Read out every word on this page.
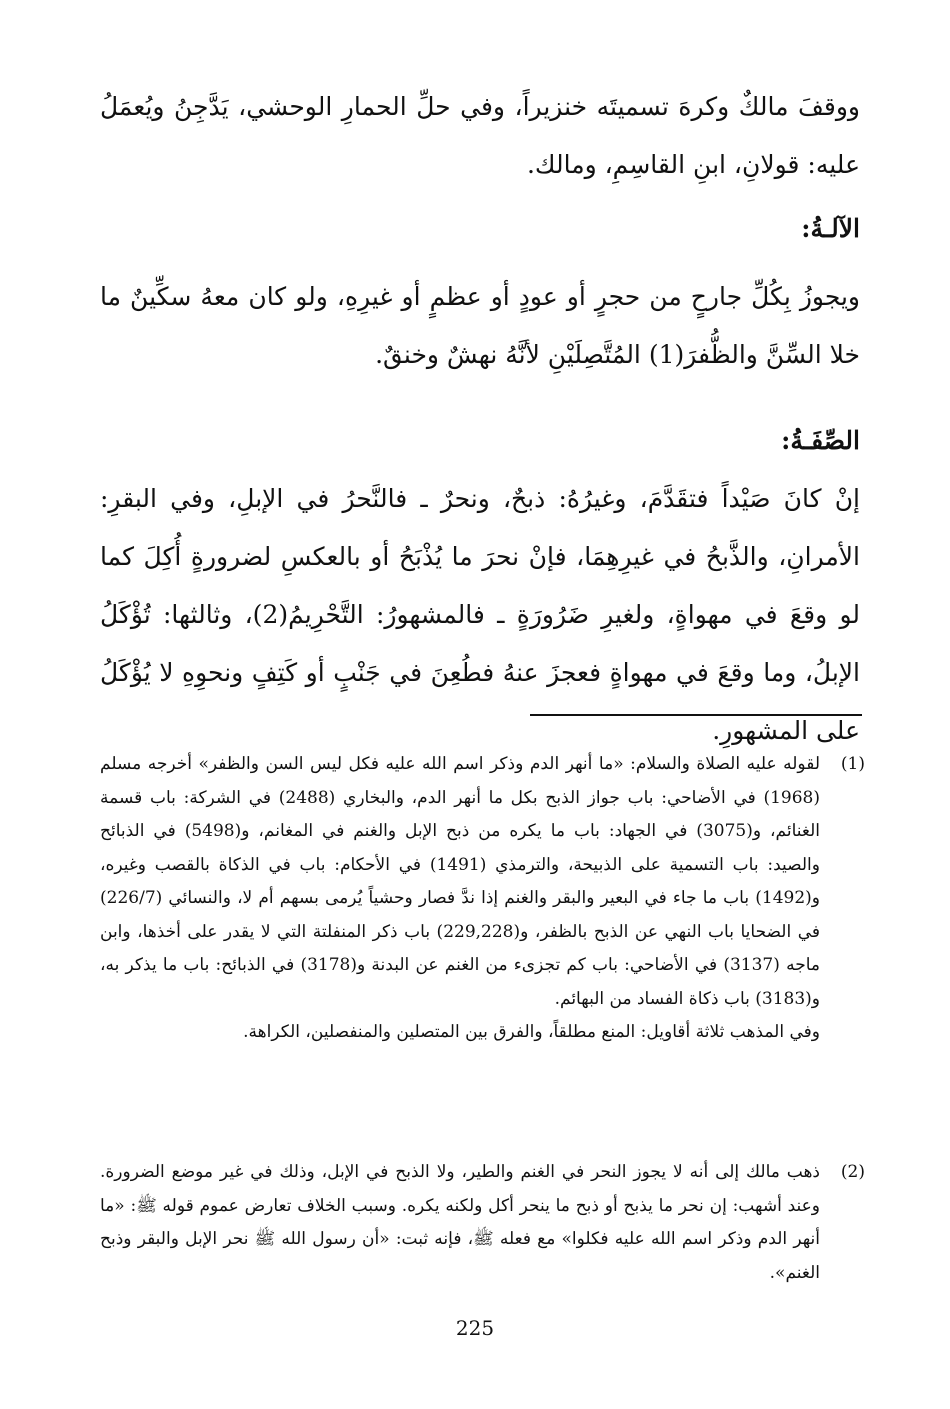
ووقفَ مالكٌ وكرهَ تسميتَه خنزيراً، وفي حلِّ الحمارِ الوحشي، يَدَّجِنُ ويُعمَلُ عليه: قولانِ، ابنِ القاسِمِ، ومالك.

الآلـةُ:

ويجوزُ بِكُلِّ جارحٍ من حجرٍ أو عودٍ أو عظمٍ أو غيرِهِ، ولو كان معهُ سكِّينٌ ما خلا السِّنَّ والظُّفرَ(1) المُتَّصِلَيْنِ لأنَّهُ نهشٌ وخنقٌ.

الصِّفَـةُ:

إنْ كانَ صَيْداً فتقَدَّمَ، وغيرُهُ: ذبحٌ، ونحرٌ ـ فالنَّحرُ في الإبلِ، وفي البقرِ: الأمرانِ، والذَّبحُ في غيرِهِمَا، فإنْ نحرَ ما يُذْبَحُ أو بالعكسِ لضرورةٍ أُكِلَ كما لو وقعَ في مهواةٍ، ولغيرِ ضَرُورَةٍ ـ فالمشهورُ: التَّحْرِيمُ(2)، وثالثها: تُؤْكَلُ الإبلُ، وما وقعَ في مهواةٍ فعجزَ عنهُ فطُعِنَ في جَنْبٍ أو كَتِفٍ ونحوِهِ لا يُؤْكَلُ على المشهورِ.

(1)
لقوله عليه الصلاة والسلام: «ما أنهر الدم وذكر اسم الله عليه فكل ليس السن والظفر» أخرجه مسلم (1968) في الأضاحي: باب جواز الذبح بكل ما أنهر الدم، والبخاري (2488) في الشركة: باب قسمة الغنائم، و(3075) في الجهاد: باب ما يكره من ذبح الإبل والغنم في المغانم، و(5498) في الذبائح والصيد: باب التسمية على الذبيحة، والترمذي (1491) في الأحكام: باب في الذكاة بالقصب وغيره، و(1492) باب ما جاء في البعير والبقر والغنم إذا ندَّ فصار وحشياً يُرمى بسهم أم لا، والنسائي (226/7) في الضحايا باب النهي عن الذبح بالظفر، و(229,228) باب ذكر المنفلتة التي لا يقدر على أخذها، وابن ماجه (3137) في الأضاحي: باب كم تجزىء من الغنم عن البدنة و(3178) في الذبائح: باب ما يذكر به، و(3183) باب ذكاة الفساد من البهائم.
وفي المذهب ثلاثة أقاويل: المنع مطلقاً، والفرق بين المتصلين والمنفصلين، الكراهة.
(2)
ذهب مالك إلى أنه لا يجوز النحر في الغنم والطير، ولا الذبح في الإبل، وذلك في غير موضع الضرورة. وعند أشهب: إن نحر ما يذبح أو ذبح ما ينحر أكل ولكنه يكره. وسبب الخلاف تعارض عموم قوله ﷺ: «ما أنهر الدم وذكر اسم الله عليه فكلوا» مع فعله ﷺ، فإنه ثبت: «أن رسول الله ﷺ نحر الإبل والبقر وذبح الغنم».
225
